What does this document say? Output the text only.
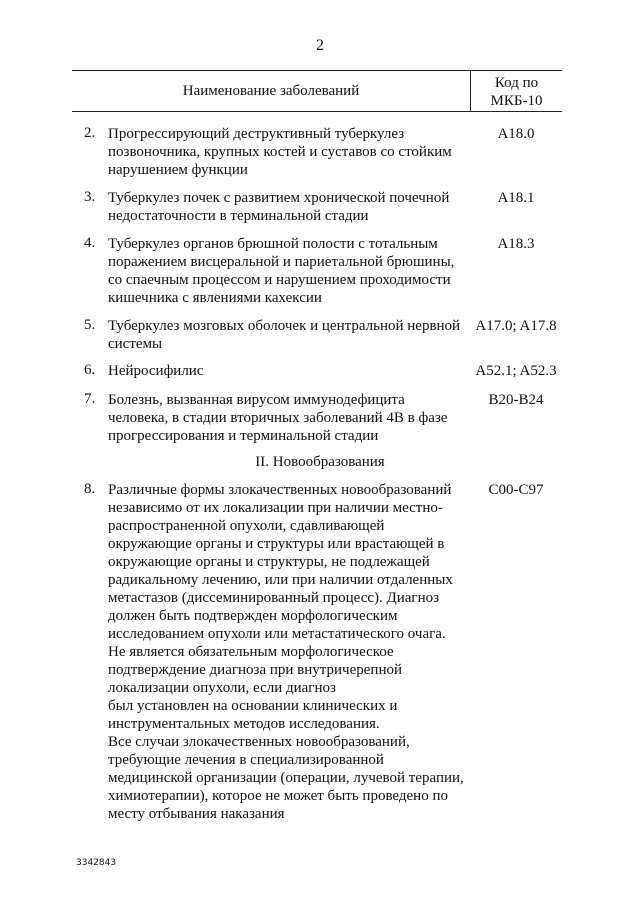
2
Наименование заболеваний	Код по
МКБ-10
2. Прогрессирующий деструктивный туберкулез
позвоночника, крупных костей и суставов со стойким
нарушением функции
A18.0
3. Туберкулез почек с развитием хронической почечной
недостаточности в терминальной стадии
A18.1
4. Туберкулез органов брюшной полости с тотальным
поражением висцеральной и париетальной брюшины,
со спаечным процессом и нарушением проходимости
кишечника с явлениями кахексии
A18.3
5. Туберкулез мозговых оболочек и центральной нервной
системы
A17.0; A17.8
6. Нейросифилис	A52.1; A52.3
7. Болезнь, вызванная вирусом иммунодефицита
человека, в стадии вторичных заболеваний 4В в фазе
прогрессирования и терминальной стадии
B20-B24
8. Различные формы злокачественных новообразований
независимо от их локализации при наличии местно-
распространенной опухоли, сдавливающей
окружающие органы и структуры или врастающей в
окружающие органы и структуры, не подлежащей
радикальному лечению, или при наличии отдаленных
метастазов (диссеминированный процесс). Диагноз
должен быть подтвержден морфологическим
исследованием опухоли или метастатического очага.
Не является обязательным морфологическое
подтверждение диагноза при внутричерепной
локализации опухоли, если диагноз
был установлен на основании клинических и
инструментальных методов исследования.
Все случаи злокачественных новообразований,
требующие лечения в специализированной
медицинской организации (операции, лучевой терапии,
химиотерапии), которое не может быть проведено по
месту отбывания наказания
C00-C97
II. Новообразования
3342843
